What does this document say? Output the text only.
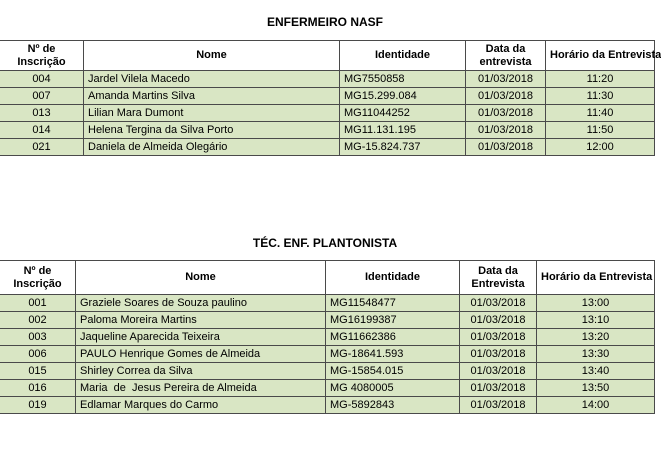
ENFERMEIRO NASF
Nº de Inscrição	Nome	Identidade	Data da entrevista	Horário da Entrevista
004	Jardel Vilela Macedo	MG7550858	01/03/2018	11:20
007	Amanda Martins Silva	MG15.299.084	01/03/2018	11:30
013	Lilian Mara Dumont	MG11044252	01/03/2018	11:40
014	Helena Tergina da Silva Porto	MG11.131.195	01/03/2018	11:50
021	Daniela de Almeida Olegário	MG-15.824.737	01/03/2018	12:00
TÉC. ENF. PLANTONISTA
Nº de Inscrição	Nome	Identidade	Data da Entrevista	Horário da Entrevista
001	Graziele Soares de Souza paulino	MG11548477	01/03/2018	13:00
002	Paloma Moreira Martins	MG16199387	01/03/2018	13:10
003	Jaqueline Aparecida Teixeira	MG11662386	01/03/2018	13:20
006	PAULO Henrique Gomes de Almeida	MG-18641.593	01/03/2018	13:30
015	Shirley Correa da Silva	MG-15854.015	01/03/2018	13:40
016	Maria  de  Jesus Pereira de Almeida	MG 4080005	01/03/2018	13:50
019	Edlamar Marques do Carmo	MG-5892843	01/03/2018	14:00
